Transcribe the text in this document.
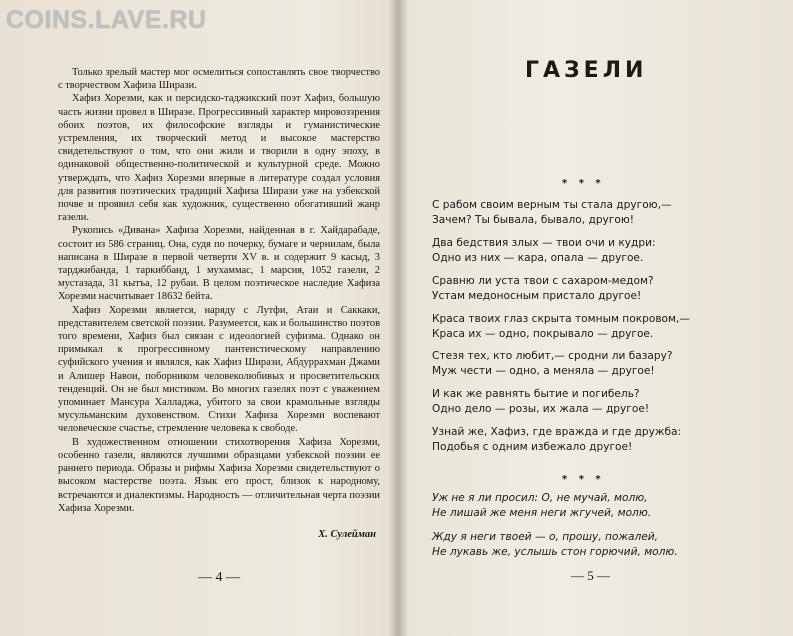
COINS.LAVE.RU

Только зрелый мастер мог осмелиться сопоставлять свое творчество с творчеством Хафиза Ширази.

Хафиз Хорезми, как и персидско-таджикский поэт Хафиз, большую часть жизни провел в Ширазе. Прогрессивный характер мировоззрения обоих поэтов, их философские взгляды и гуманистические устремления, их творческий метод и высокое мастерство свидетельствуют о том, что они жили и творили в одну эпоху, в одинаковой общественно-политической и культурной среде. Можно утверждать, что Хафиз Хорезми впервые в литературе создал условия для развития поэтических традиций Хафиза Ширази уже на узбекской почве и проявил себя как художник, существенно обогативший жанр газели.

Рукопись «Дивана» Хафиза Хорезми, найденная в г. Хайдарабаде, состоит из 586 страниц. Она, судя по почерку, бумаге и чернилам, была написана в Ширазе в первой четверти XV в. и содержит 9 касыд, 3 тарджибанда, 1 таркиббанд, 1 мухаммас, 1 марсия, 1052 газели, 2 мустазада, 31 кытъа, 12 рубаи. В целом поэтическое наследие Хафиза Хорезми насчитывает 18632 бейта.

Хафиз Хорезми является, наряду с Лутфи, Атаи и Саккаки, представителем светской поэзии. Разумеется, как и большинство поэтов того времени, Хафиз был связан с идеологией суфизма. Однако он примыкал к прогрессивному пантеистическому направлению суфийского учения и являлся, как Хафиз Ширази, Абдуррахман Джами и Алишер Навои, поборником человеколюбивых и просветительских тенденций. Он не был мистиком. Во многих газелях поэт с уважением упоминает Мансура Халладжа, убитого за свои крамольные взгляды мусульманским духовенством. Стихи Хафиза Хорезми воспевают человеческое счастье, стремление человека к свободе.

В художественном отношении стихотворения Хафиза Хорезми, особенно газели, являются лучшими образцами узбекской поэзии ее раннего периода. Образы и рифмы Хафиза Хорезми свидетельствуют о высоком мастерстве поэта. Язык его прост, близок к народному, встречаются и диалектизмы. Народность — отличительная черта поэзии Хафиза Хорезми.

Х. Сулейман
— 4 —
ГАЗЕЛИ
* * *
С рабом своим верным ты стала другою,—
Зачем? Ты бывала, бывало, другою!
Два бедствия злых — твои очи и кудри:
Одно из них — кара, опала — другое.
Сравню ли уста твои с сахаром-медом?
Устам медоносным пристало другое!
Краса твоих глаз скрыта томным покровом,—
Краса их — одно, покрывало — другое.
Стезя тех, кто любит,— сродни ли базару?
Муж чести — одно, а меняла — другое!
И как же равнять бытие и погибель?
Одно дело — розы, их жала — другое!
Узнай же, Хафиз, где вражда и где дружба:
Подобья с одним избежало другое!
* * *
Уж не я ли просил: О, не мучай, молю,
Не лишай же меня неги жгучей, молю.
Жду я неги твоей — о, прошу, пожалей,
Не лукавь же, услышь стон горючий, молю.
— 5 —
